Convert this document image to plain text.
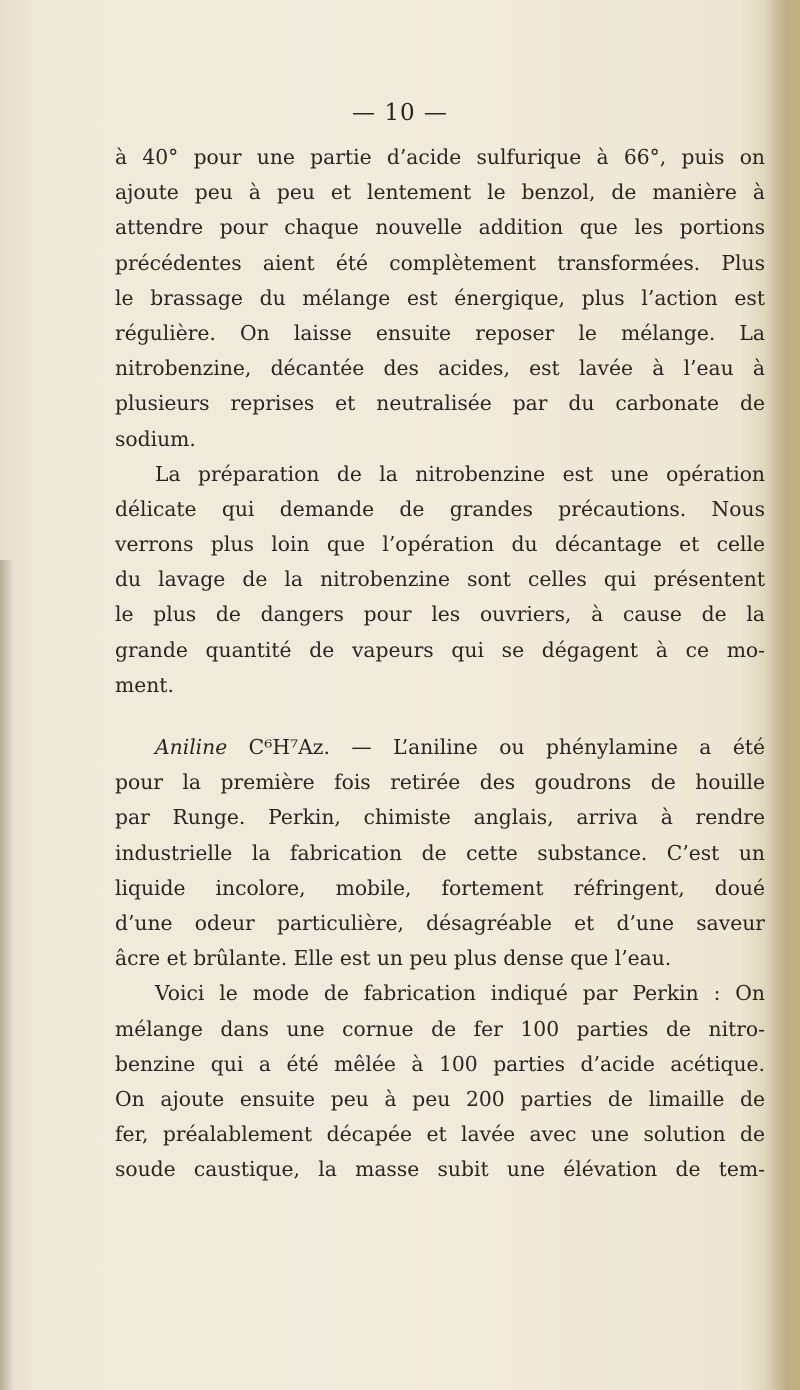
— 10 —
à 40° pour une partie d’acide sulfurique à 66°, puis on
ajoute peu à peu et lentement le benzol, de manière à
attendre pour chaque nouvelle addition que les portions
précédentes aient été complètement transformées. Plus
le brassage du mélange est énergique, plus l’action est
régulière. On laisse ensuite reposer le mélange. La
nitrobenzine, décantée des acides, est lavée à l’eau à
plusieurs reprises et neutralisée par du carbonate de
sodium.
La préparation de la nitrobenzine est une opération
délicate qui demande de grandes précautions. Nous
verrons plus loin que l’opération du décantage et celle
du lavage de la nitrobenzine sont celles qui présentent
le plus de dangers pour les ouvriers, à cause de la
grande quantité de vapeurs qui se dégagent à ce mo-
ment.
Aniline C⁶H⁷Az. — L’aniline ou phénylamine a été
pour la première fois retirée des goudrons de houille
par Runge. Perkin, chimiste anglais, arriva à rendre
industrielle la fabrication de cette substance. C’est un
liquide incolore, mobile, fortement réfringent, doué
d’une odeur particulière, désagréable et d’une saveur
âcre et brûlante. Elle est un peu plus dense que l’eau.
Voici le mode de fabrication indiqué par Perkin : On
mélange dans une cornue de fer 100 parties de nitro-
benzine qui a été mêlée à 100 parties d’acide acétique.
On ajoute ensuite peu à peu 200 parties de limaille de
fer, préalablement décapée et lavée avec une solution de
soude caustique, la masse subit une élévation de tem-
